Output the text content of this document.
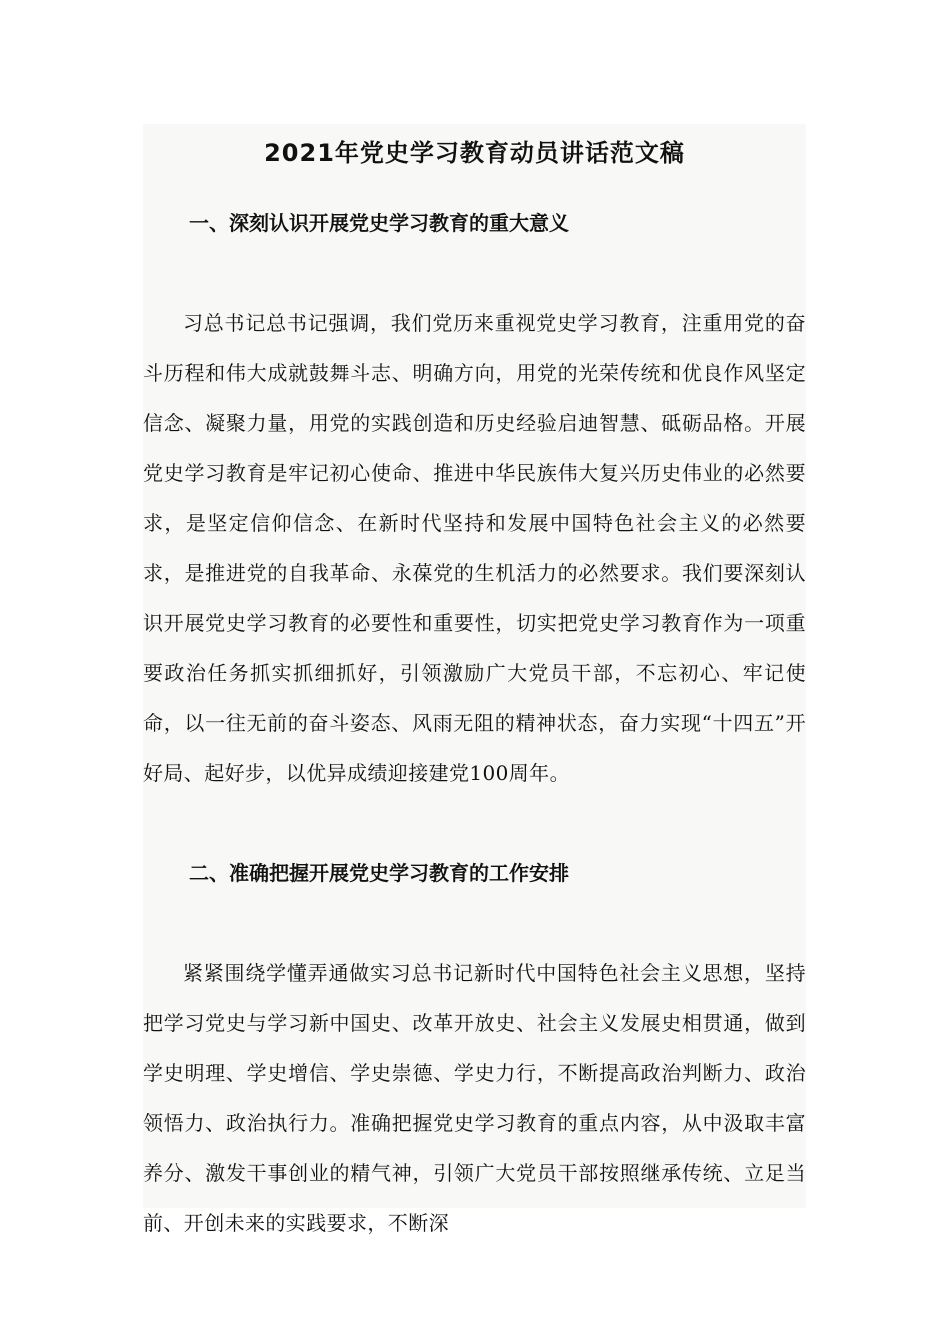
2021年党史学习教育动员讲话范文稿
一、深刻认识开展党史学习教育的重大意义

习总书记总书记强调，我们党历来重视党史学习教育，注重用党的奋斗历程和伟大成就鼓舞斗志、明确方向，用党的光荣传统和优良作风坚定信念、凝聚力量，用党的实践创造和历史经验启迪智慧、砥砺品格。开展党史学习教育是牢记初心使命、推进中华民族伟大复兴历史伟业的必然要求，是坚定信仰信念、在新时代坚持和发展中国特色社会主义的必然要求，是推进党的自我革命、永葆党的生机活力的必然要求。我们要深刻认识开展党史学习教育的必要性和重要性，切实把党史学习教育作为一项重要政治任务抓实抓细抓好，引领激励广大党员干部，不忘初心、牢记使命，以一往无前的奋斗姿态、风雨无阻的精神状态，奋力实现“十四五”开好局、起好步，以优异成绩迎接建党100周年。

二、准确把握开展党史学习教育的工作安排

紧紧围绕学懂弄通做实习总书记新时代中国特色社会主义思想，坚持把学习党史与学习新中国史、改革开放史、社会主义发展史相贯通，做到学史明理、学史增信、学史崇德、学史力行，不断提高政治判断力、政治领悟力、政治执行力。准确把握党史学习教育的重点内容，从中汲取丰富养分、激发干事创业的精气神，引领广大党员干部按照继承传统、立足当前、开创未来的实践要求，不断深
